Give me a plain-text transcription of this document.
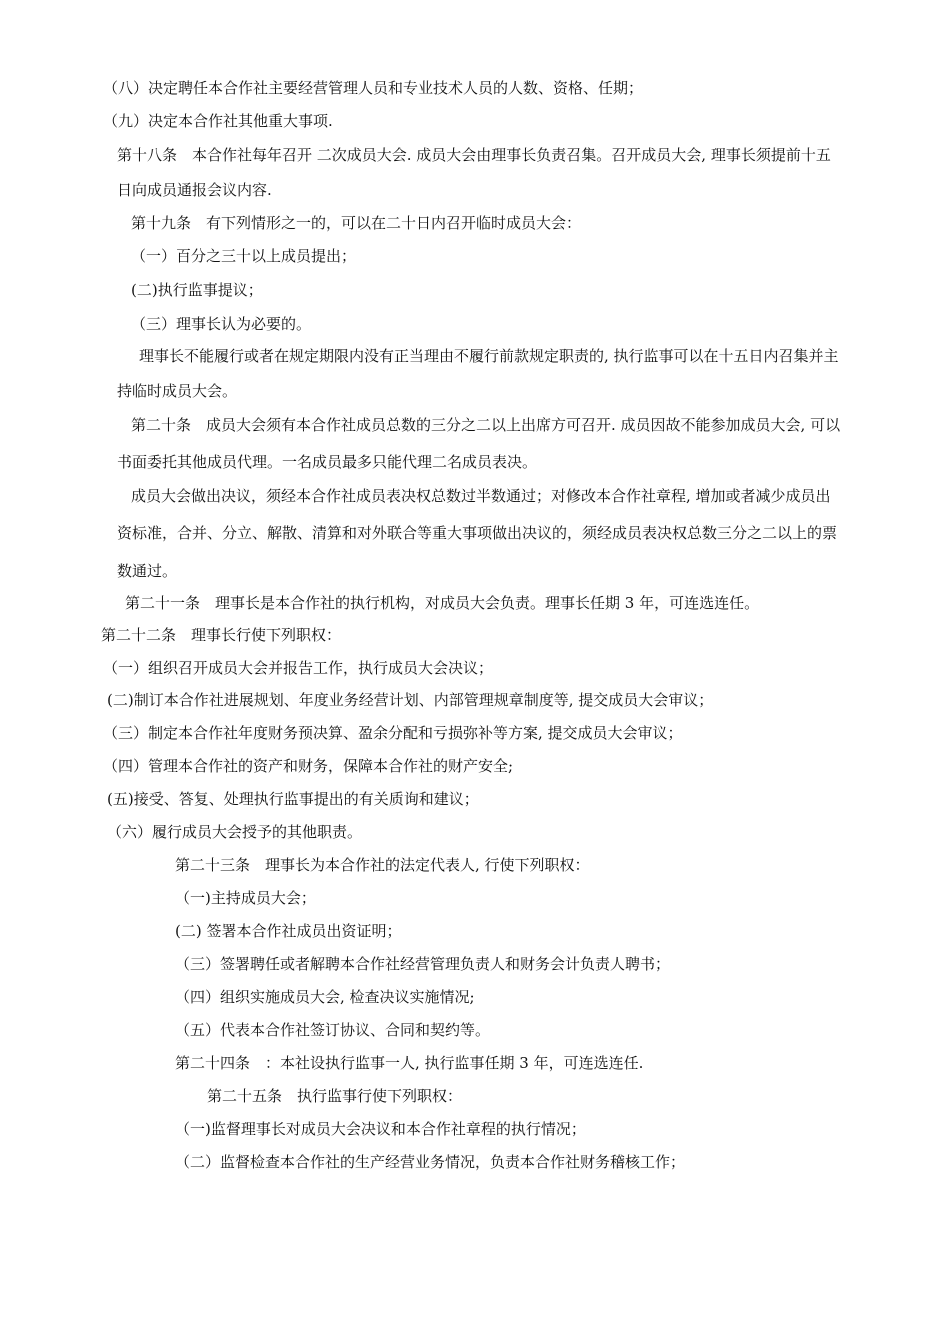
（八）决定聘任本合作社主要经营管理人员和专业技术人员的人数、资格、任期；
（九）决定本合作社其他重大事项.
第十八条　本合作社每年召开 二次成员大会. 成员大会由理事长负责召集。召开成员大会, 理事长须提前十五
日向成员通报会议内容.
第十九条　有下列情形之一的，可以在二十日内召开临时成员大会：
（一）百分之三十以上成员提出；
(二)执行监事提议；
（三）理事长认为必要的。
理事长不能履行或者在规定期限内没有正当理由不履行前款规定职责的, 执行监事可以在十五日内召集并主
持临时成员大会。
第二十条　成员大会须有本合作社成员总数的三分之二以上出席方可召开. 成员因故不能参加成员大会, 可以
书面委托其他成员代理。一名成员最多只能代理二名成员表决。
成员大会做出决议，须经本合作社成员表决权总数过半数通过；对修改本合作社章程, 增加或者减少成员出
资标准，合并、分立、解散、清算和对外联合等重大事项做出决议的，须经成员表决权总数三分之二以上的票
数通过。
第二十一条　理事长是本合作社的执行机构，对成员大会负责。理事长任期 3 年，可连选连任。
第二十二条　理事长行使下列职权：
（一）组织召开成员大会并报告工作，执行成员大会决议；
(二)制订本合作社进展规划、年度业务经营计划、内部管理规章制度等, 提交成员大会审议；
（三）制定本合作社年度财务预决算、盈余分配和亏损弥补等方案, 提交成员大会审议；
（四）管理本合作社的资产和财务，保障本合作社的财产安全;
(五)接受、答复、处理执行监事提出的有关质询和建议；
（六）履行成员大会授予的其他职责。
第二十三条　理事长为本合作社的法定代表人, 行使下列职权：
（一)主持成员大会；
(二) 签署本合作社成员出资证明；
（三）签署聘任或者解聘本合作社经营管理负责人和财务会计负责人聘书；
（四）组织实施成员大会, 检查决议实施情况;
（五）代表本合作社签订协议、合同和契约等。
第二十四条　：本社设执行监事一人, 执行监事任期 3 年，可连选连任.
第二十五条　执行监事行使下列职权：
（一)监督理事长对成员大会决议和本合作社章程的执行情况；
（二）监督检查本合作社的生产经营业务情况，负责本合作社财务稽核工作；
